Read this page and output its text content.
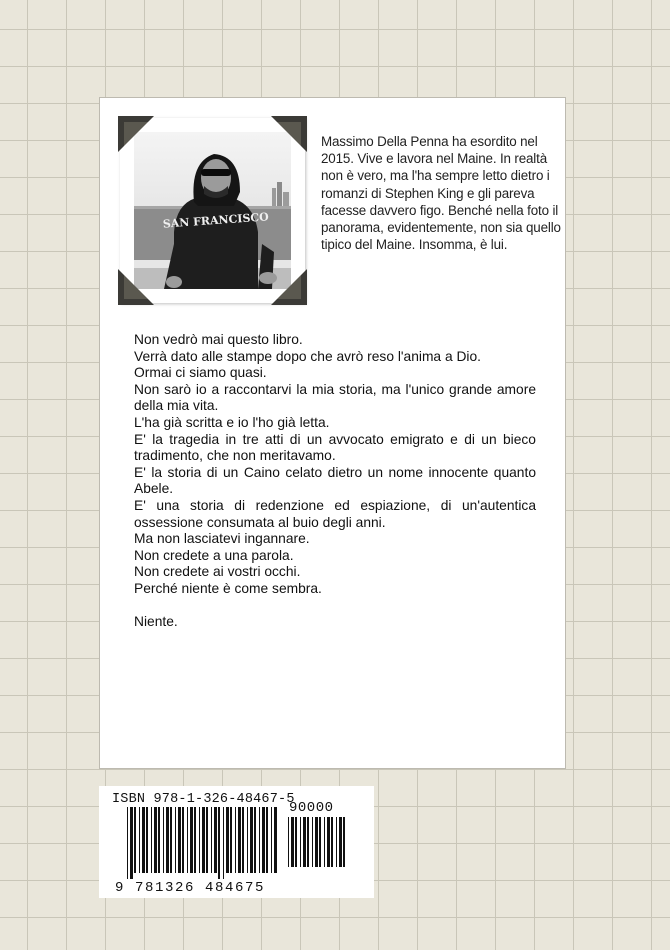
SAN FRANCISCO
Massimo Della Penna ha esordito nel 2015. Vive e lavora nel Maine. In realtà non è vero, ma l'ha sempre letto dietro i romanzi di Stephen King e gli pareva facesse davvero figo. Benché nella foto il panorama, evidentemente, non sia quello tipico del Maine. Insomma, è lui.

Non vedrò mai questo libro.

Verrà dato alle stampe dopo che avrò reso l'anima a Dio.

Ormai ci siamo quasi.

Non sarò io a raccontarvi la mia storia, ma l'unico grande amore della mia vita.

L'ha già scritta e io l'ho già letta.

E' la tragedia in tre atti di un avvocato emigrato e di un bieco tradimento, che non meritavamo.

E' la storia di un Caino celato dietro un nome innocente quanto Abele.

E' una storia di redenzione ed espiazione, di un'autentica ossessione consumata al buio degli anni.

Ma non lasciatevi ingannare.

Non credete a una parola.

Non credete ai vostri occhi.

Perché niente è come sembra.

Niente.

ISBN 978-1-326-48467-5
90000
9 781326 484675
